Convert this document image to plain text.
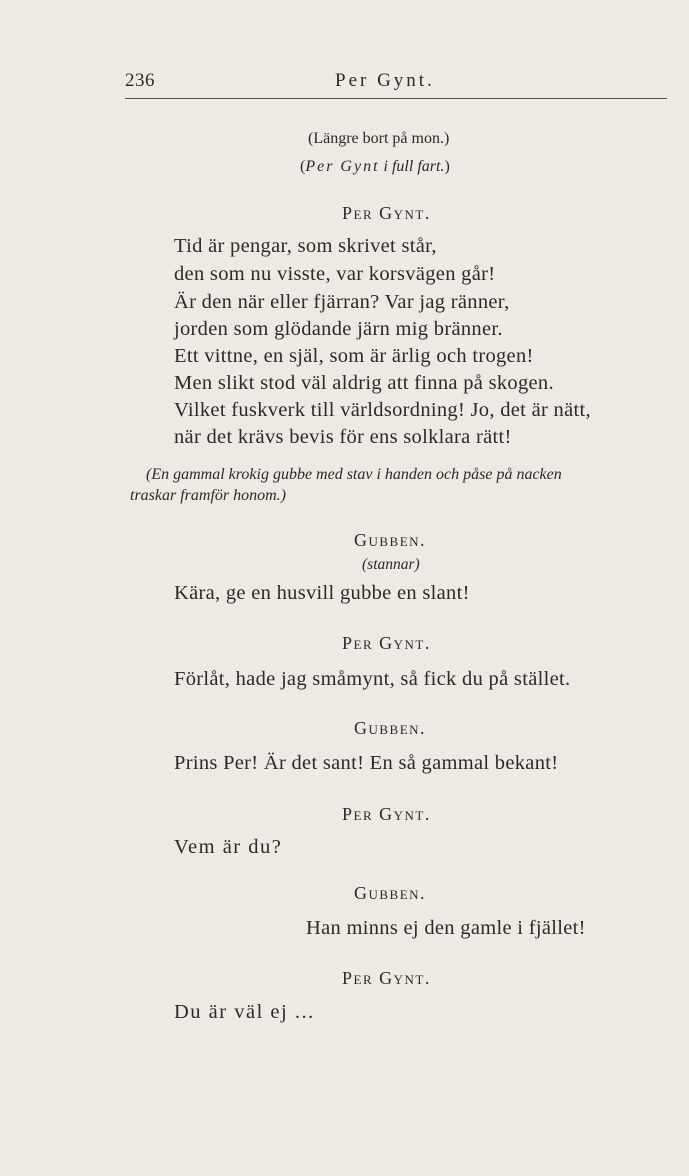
236	Per Gynt.
(Längre bort på mon.)
(Per Gynt i full fart.)
Per Gynt.
Tid är pengar, som skrivet står,
den som nu visste, var korsvägen går!
Är den när eller fjärran? Var jag ränner,
jorden som glödande järn mig bränner.
Ett vittne, en själ, som är ärlig och trogen!
Men slikt stod väl aldrig att finna på skogen.
Vilket fuskverk till världsordning! Jo, det är nätt,
när det krävs bevis för ens solklara rätt!
(En gammal krokig gubbe med stav i handen och påse på nacken
traskar framför honom.)
Gubben.
(stannar)
Kära, ge en husvill gubbe en slant!
Per Gynt.
Förlåt, hade jag småmynt, så fick du på stället.
Gubben.
Prins Per! Är det sant! En så gammal bekant!
Per Gynt.
Vem är du?
Gubben.
Han minns ej den gamle i fjället!
Per Gynt.
Du är väl ej ...
